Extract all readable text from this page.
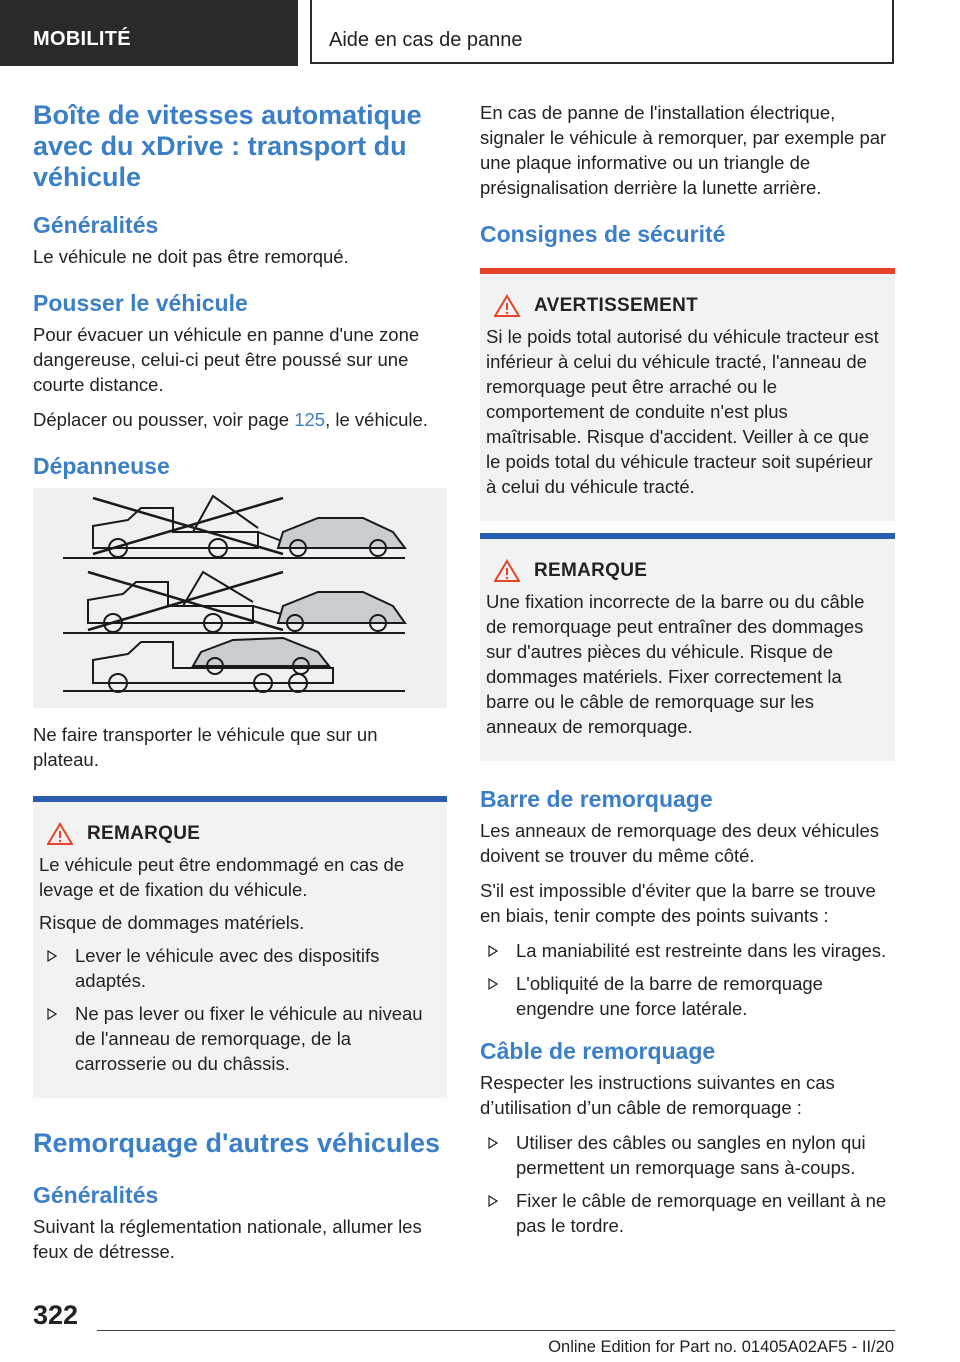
MOBILITÉ	Aide en cas de panne
Boîte de vitesses automatique avec du xDrive : transport du véhicule
Généralités

Le véhicule ne doit pas être remorqué.

Pousser le véhicule

Pour évacuer un véhicule en panne d'une zone dangereuse, celui-ci peut être poussé sur une courte distance.

Déplacer ou pousser, voir page 125, le véhicule.

Dépanneuse

Ne faire transporter le véhicule que sur un plateau.

REMARQUE

Le véhicule peut être endommagé en cas de levage et de fixation du véhicule.

Risque de dommages matériels.

Lever le véhicule avec des dispositifs adaptés.
Ne pas lever ou fixer le véhicule au niveau de l'anneau de remorquage, de la carrosserie ou du châssis.
Remorquage d'autres véhicules
Généralités

Suivant la réglementation nationale, allumer les feux de détresse.

En cas de panne de l'installation électrique, signaler le véhicule à remorquer, par exemple par une plaque informative ou un triangle de présignalisation derrière la lunette arrière.

Consignes de sécurité
AVERTISSEMENT

Si le poids total autorisé du véhicule tracteur est inférieur à celui du véhicule tracté, l'anneau de remorquage peut être arraché ou le comportement de conduite n'est plus maîtrisable. Risque d'accident. Veiller à ce que le poids total du véhicule tracteur soit supérieur à celui du véhicule tracté.

REMARQUE

Une fixation incorrecte de la barre ou du câble de remorquage peut entraîner des dommages sur d'autres pièces du véhicule. Risque de dommages matériels. Fixer correctement la barre ou le câble de remorquage sur les anneaux de remorquage.

Barre de remorquage

Les anneaux de remorquage des deux véhicules doivent se trouver du même côté.

S'il est impossible d'éviter que la barre se trouve en biais, tenir compte des points suivants :

La maniabilité est restreinte dans les virages.
L'obliquité de la barre de remorquage engendre une force latérale.
Câble de remorquage

Respecter les instructions suivantes en cas d’utilisation d’un câble de remorquage :

Utiliser des câbles ou sangles en nylon qui permettent un remorquage sans à-coups.
Fixer le câble de remorquage en veillant à ne pas le tordre.
322
Online Edition for Part no. 01405A02AF5 - II/20
